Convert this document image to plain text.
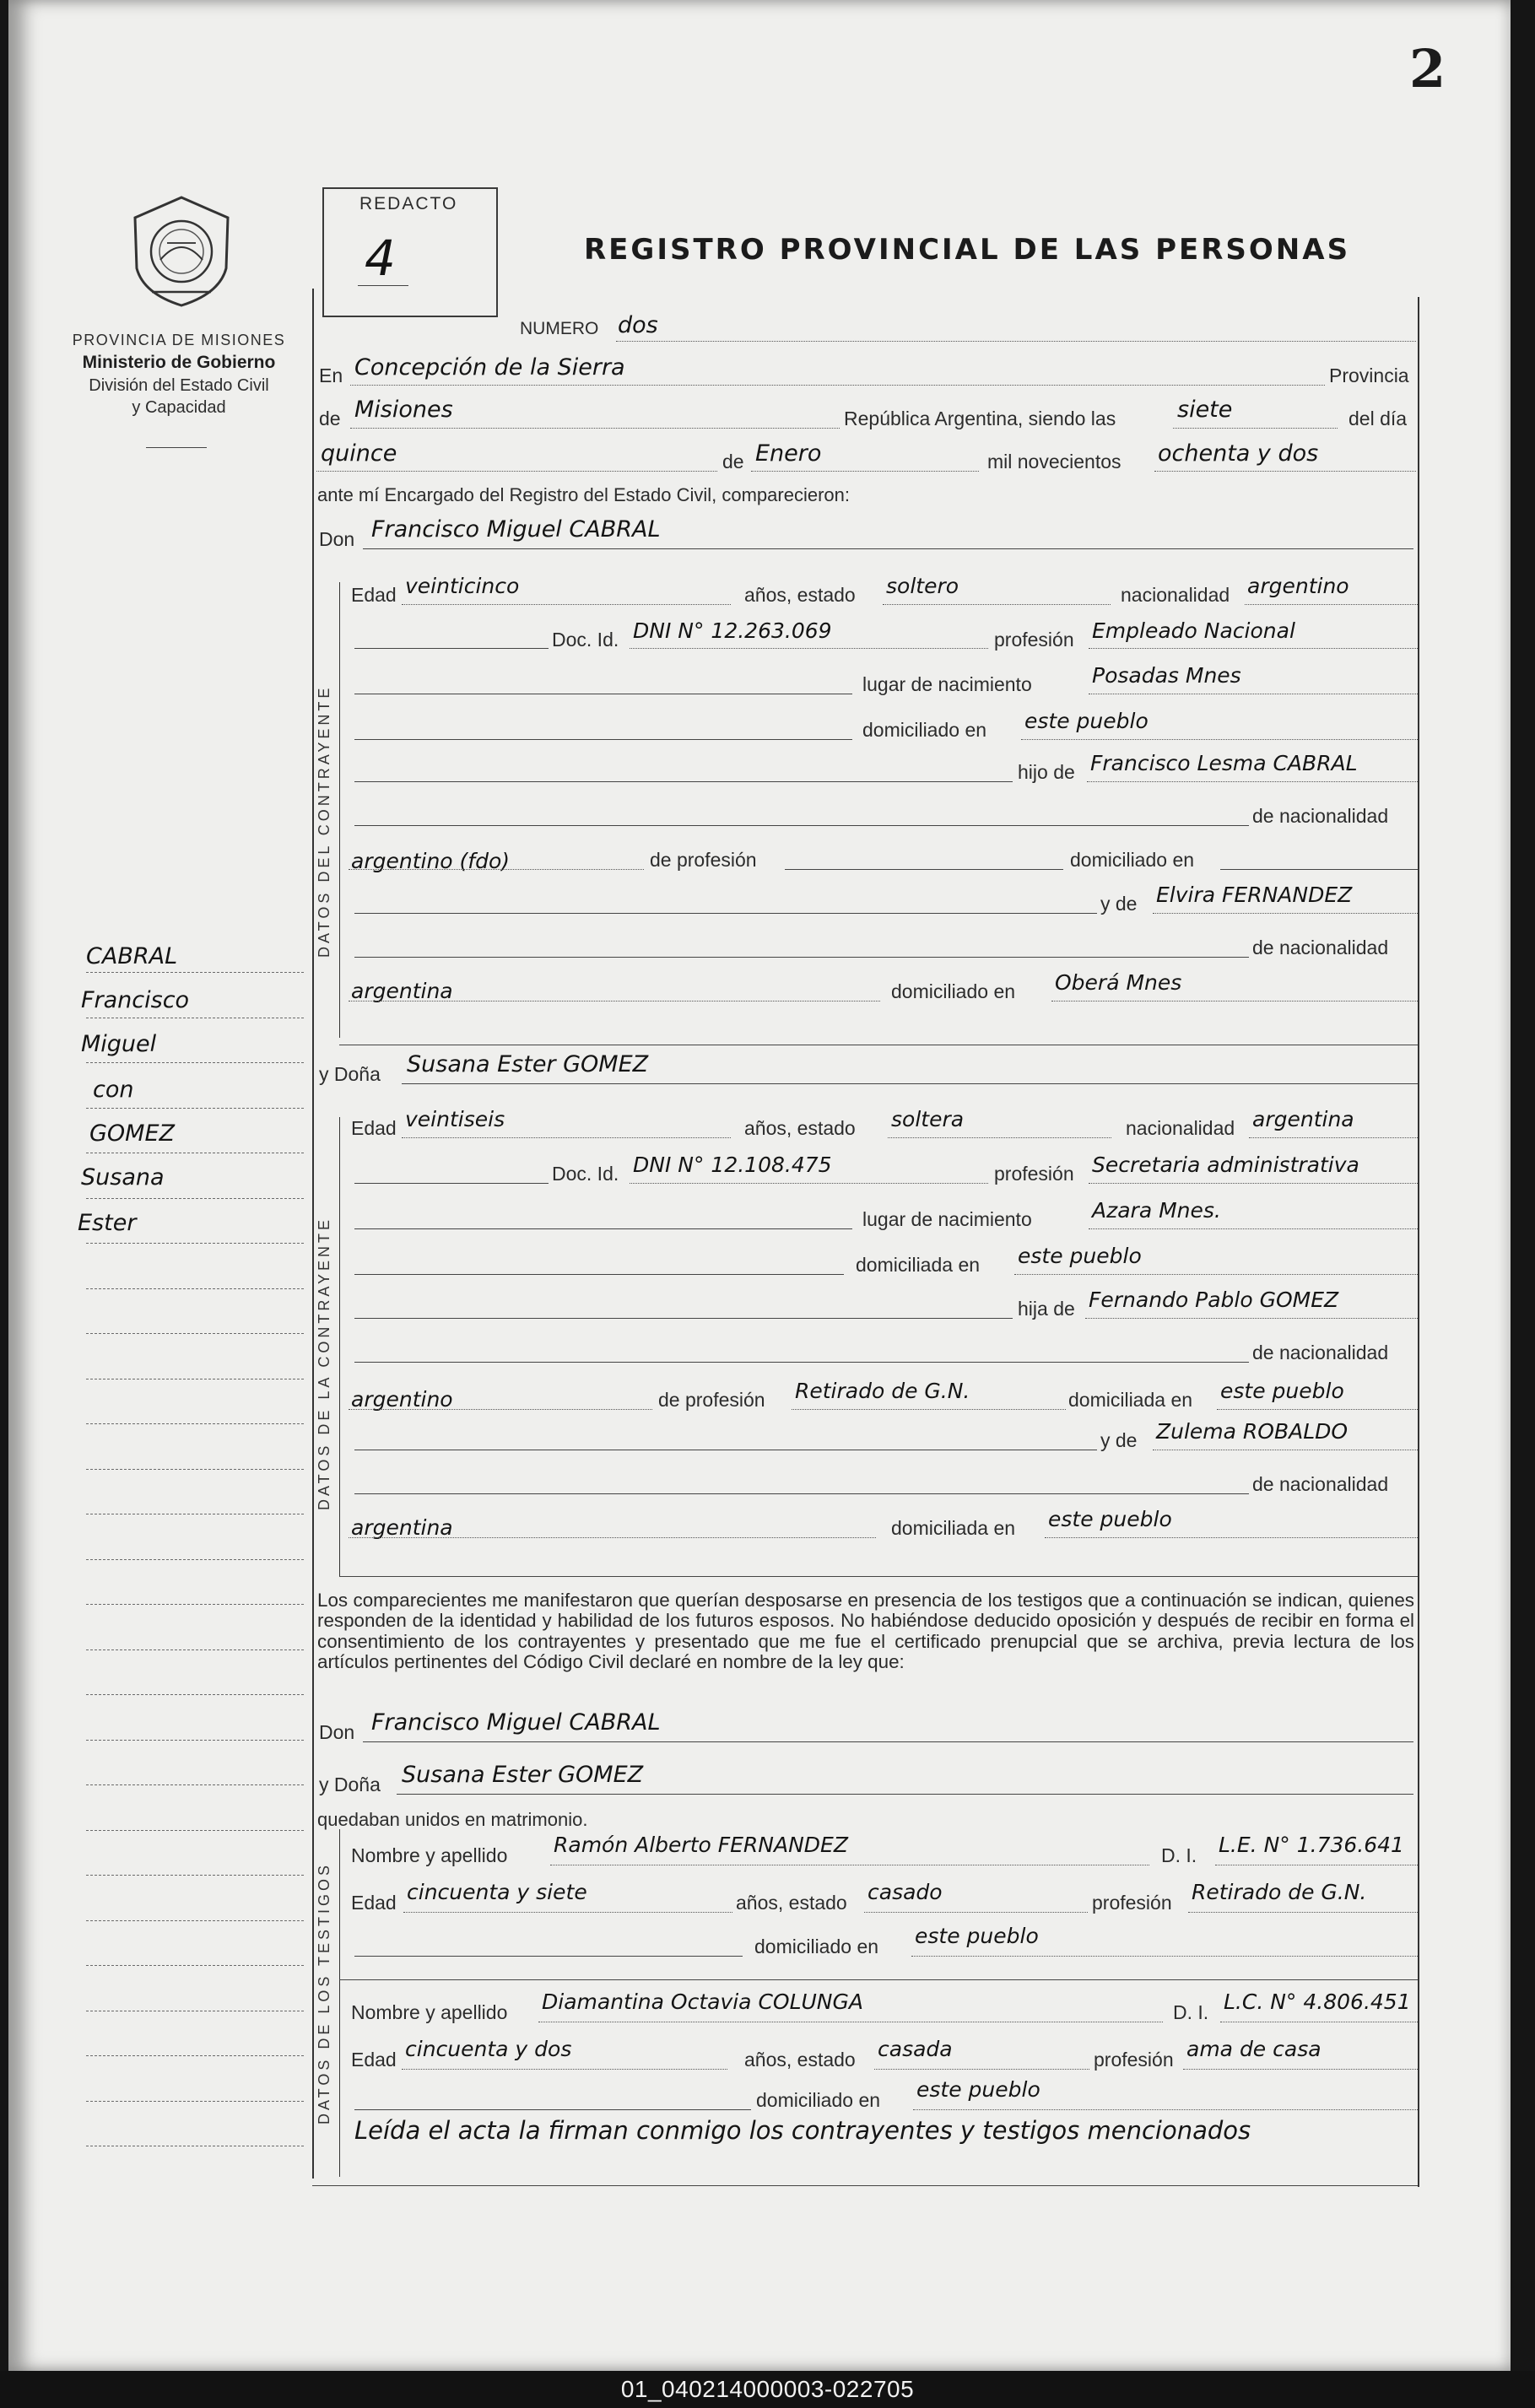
2
PROVINCIA DE MISIONES
Ministerio de Gobierno
División del Estado Civil
y Capacidad
REDACTO
4	REGISTRO PROVINCIAL DE LAS PERSONAS
NUMERO dos
En Concepción de la Sierra	Provincia
de Misiones	República Argentina, siendo las	siete	del día
quince	de Enero	mil novecientos ochenta y dos
ante mí Encargado del Registro del Estado Civil, comparecieron:
Don Francisco Miguel CABRAL
DATOS DEL CONTRAYENTE
Edad veinticinco	años, estado soltero	nacionalidad argentino
Doc. Id. DNI N° 12.263.069	profesión Empleado Nacional
lugar de nacimiento	Posadas Mnes
domiciliado en este pueblo
hijo de Francisco Lesma CABRAL
de nacionalidad
argentino (fdo)	de profesión	domiciliado en
y de Elvira FERNANDEZ
de nacionalidad
argentina	domiciliado en Oberá Mnes
y Doña Susana Ester GOMEZ
DATOS DE LA CONTRAYENTE
Edad veintiseis	años, estado soltera	nacionalidad argentina
Doc. Id. DNI N° 12.108.475	profesión Secretaria administrativa
lugar de nacimiento	Azara Mnes.
domiciliada en este pueblo
hija de Fernando Pablo GOMEZ
de nacionalidad
argentino	de profesión Retirado de G.N.	domiciliada en este pueblo
y de Zulema ROBALDO
de nacionalidad
argentina	domiciliada en este pueblo
Los comparecientes me manifestaron que querían desposarse en presencia de los testigos que a continuación se indican, quienes responden de la identidad y habilidad de los futuros esposos. No habiéndose deducido oposición y después de recibir en forma el consentimiento de los contrayentes y presentado que me fue el certificado prenupcial que se archiva, previa lectura de los artículos pertinentes del Código Civil declaré en nombre de la ley que:
Don Francisco Miguel CABRAL
y Doña Susana Ester GOMEZ
quedaban unidos en matrimonio.
DATOS DE LOS TESTIGOS
Nombre y apellido Ramón Alberto FERNANDEZ	D. I. L.E. N° 1.736.641
Edad cincuenta y siete	años, estado casado	profesión Retirado de G.N.
domiciliado en este pueblo
Nombre y apellido Diamantina Octavia COLUNGA	D. I. L.C. N° 4.806.451
Edad cincuenta y dos	años, estado casada	profesión ama de casa
domiciliado en este pueblo
Leída el acta la firman conmigo los contrayentes y testigos mencionados
CABRAL
Francisco
Miguel
con
GOMEZ
Susana
Ester
01_040214000003-022705
